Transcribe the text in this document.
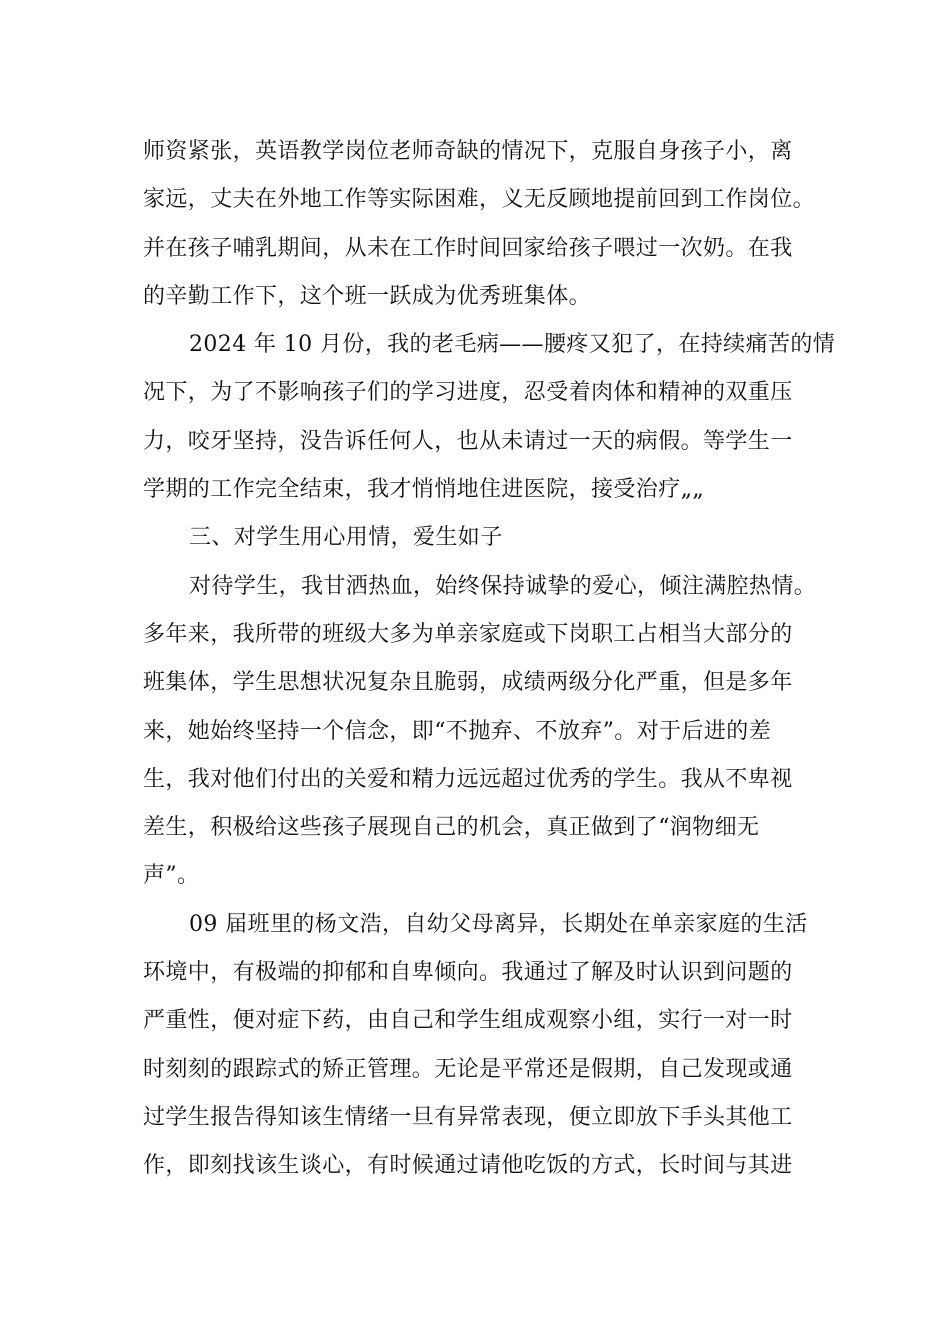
师资紧张，英语教学岗位老师奇缺的情况下，克服自身孩子小，离
家远，丈夫在外地工作等实际困难，义无反顾地提前回到工作岗位。
并在孩子哺乳期间，从未在工作时间回家给孩子喂过一次奶。在我
的辛勤工作下，这个班一跃成为优秀班集体。
2024 年 10 月份，我的老毛病——腰疼又犯了，在持续痛苦的情
况下，为了不影响孩子们的学习进度，忍受着肉体和精神的双重压
力，咬牙坚持，没告诉任何人，也从未请过一天的病假。等学生一
学期的工作完全结束，我才悄悄地住进医院，接受治疗„„
三、对学生用心用情，爱生如子
对待学生，我甘洒热血，始终保持诚挚的爱心，倾注满腔热情。
多年来，我所带的班级大多为单亲家庭或下岗职工占相当大部分的
班集体，学生思想状况复杂且脆弱，成绩两级分化严重，但是多年
来，她始终坚持一个信念，即“不抛弃、不放弃”。对于后进的差
生，我对他们付出的关爱和精力远远超过优秀的学生。我从不卑视
差生，积极给这些孩子展现自己的机会，真正做到了“润物细无
声”。
09 届班里的杨文浩，自幼父母离异，长期处在单亲家庭的生活
环境中，有极端的抑郁和自卑倾向。我通过了解及时认识到问题的
严重性，便对症下药，由自己和学生组成观察小组，实行一对一时
时刻刻的跟踪式的矫正管理。无论是平常还是假期，自己发现或通
过学生报告得知该生情绪一旦有异常表现，便立即放下手头其他工
作，即刻找该生谈心，有时候通过请他吃饭的方式，长时间与其进
